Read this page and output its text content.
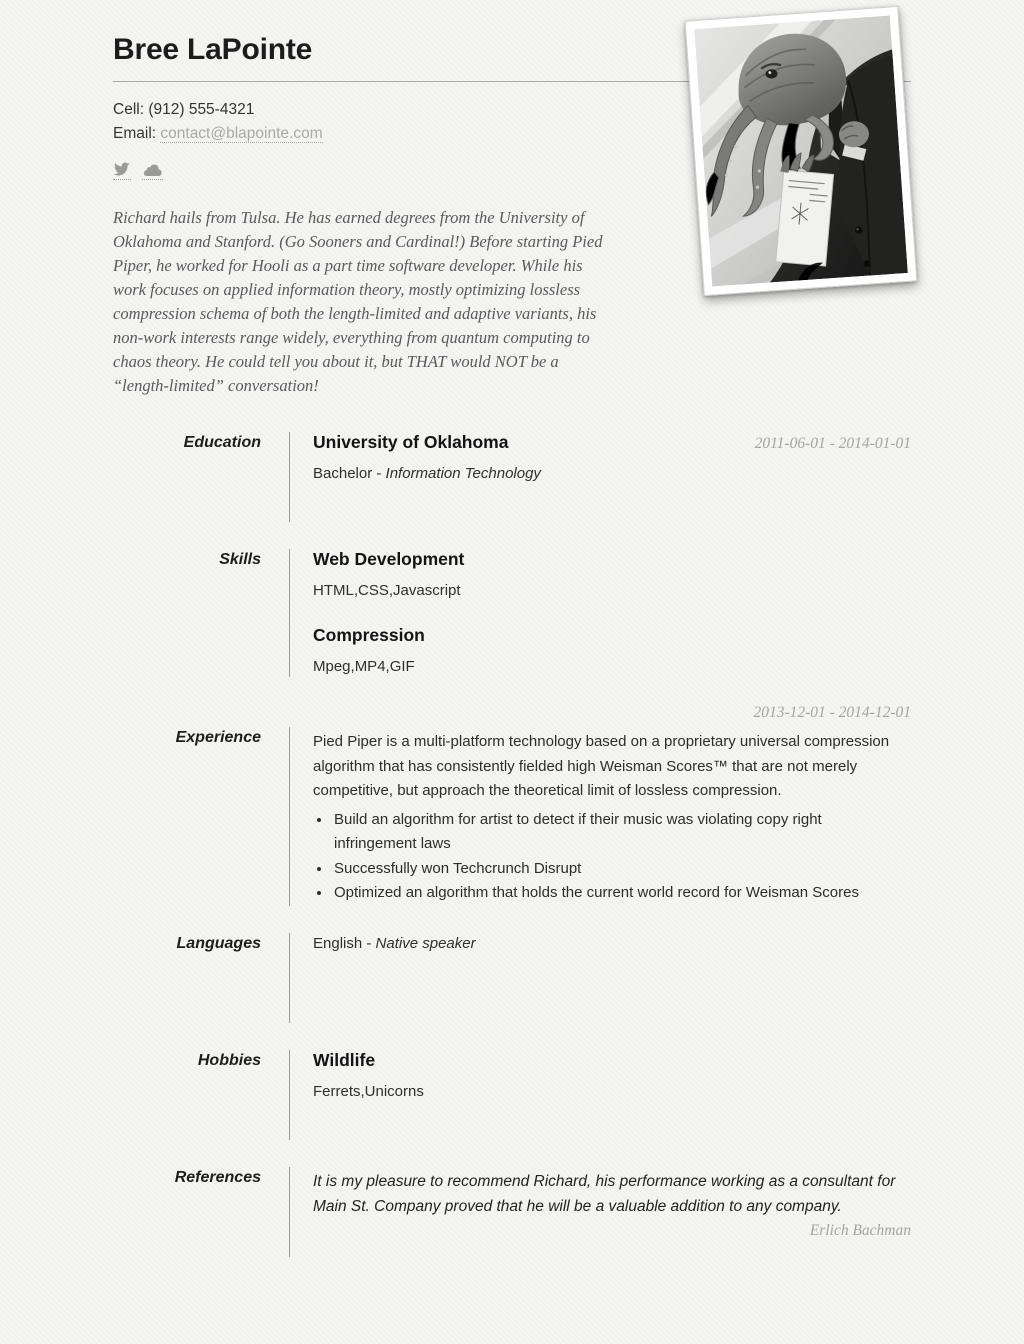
Bree LaPointe
Cell: (912) 555-4321
Email: contact@blapointe.com

Richard hails from Tulsa. He has earned degrees from the University of Oklahoma and Stanford. (Go Sooners and Cardinal!) Before starting Pied Piper, he worked for Hooli as a part time software developer. While his work focuses on applied information theory, mostly optimizing lossless compression schema of both the length-limited and adaptive variants, his non-work interests range widely, everything from quantum computing to chaos theory. He could tell you about it, but THAT would NOT be a “length-limited” conversation!

Education	University of Oklahoma	2011-06-01 - 2014-01-01
Bachelor - Information Technology
Skills	Web Development
HTML,CSS,Javascript
Compression
Mpeg,MP4,GIF
2013-12-01 - 2014-12-01
Experience	Pied Piper is a multi-platform technology based on a proprietary universal compression algorithm that has consistently fielded high Weisman Scores™ that are not merely competitive, but approach the theoretical limit of lossless compression.

• Build an algorithm for artist to detect if their music was violating copy right infringement laws
• Successfully won Techcrunch Disrupt
• Optimized an algorithm that holds the current world record for Weisman Scores
Languages	English - Native speaker
Hobbies	Wildlife
Ferrets,Unicorns
References	It is my pleasure to recommend Richard, his performance working as a consultant for Main St. Company proved that he will be a valuable addition to any company.

Erlich Bachman
